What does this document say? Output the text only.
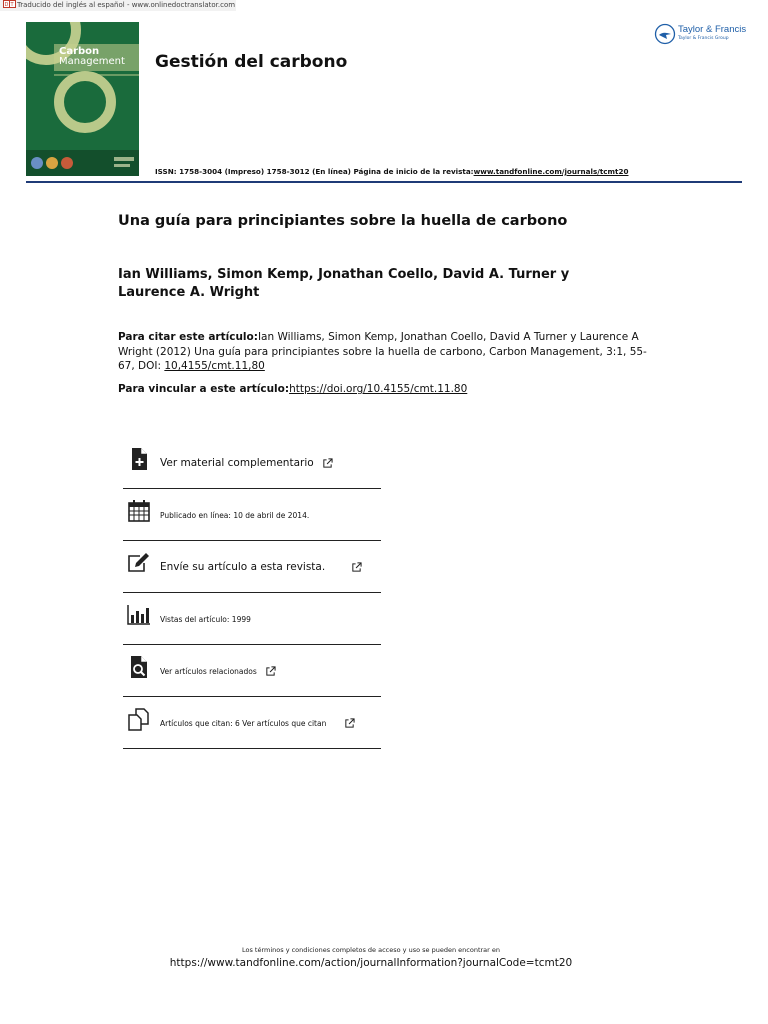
D T Traducido del inglés al español - www.onlinedoctranslator.com
Carbon
Management Gestión del carbono
ISSN: 1758-3004 (Impreso) 1758-3012 (En línea) Página de inicio de la revista:www.tandfonline.com/journals/tcmt20
Taylor & Francis
Taylor & Francis Group
Una guía para principiantes sobre la huella de carbono
Ian Williams, Simon Kemp, Jonathan Coello, David A. Turner y Laurence A. Wright
Para citar este artículo:Ian Williams, Simon Kemp, Jonathan Coello, David A Turner y Laurence A Wright (2012) Una guía para principiantes sobre la huella de carbono, Carbon Management, 3:1, 55-67, DOI: 10,4155/cmt.11,80
Para vincular a este artículo:https://doi.org/10.4155/cmt.11.80
Ver material complementario
Publicado en línea: 10 de abril de 2014.
Envíe su artículo a esta revista.
Vistas del artículo: 1999
Ver artículos relacionados
Artículos que citan: 6 Ver artículos que citan
Los términos y condiciones completos de acceso y uso se pueden encontrar en
https://www.tandfonline.com/action/journalInformation?journalCode=tcmt20
